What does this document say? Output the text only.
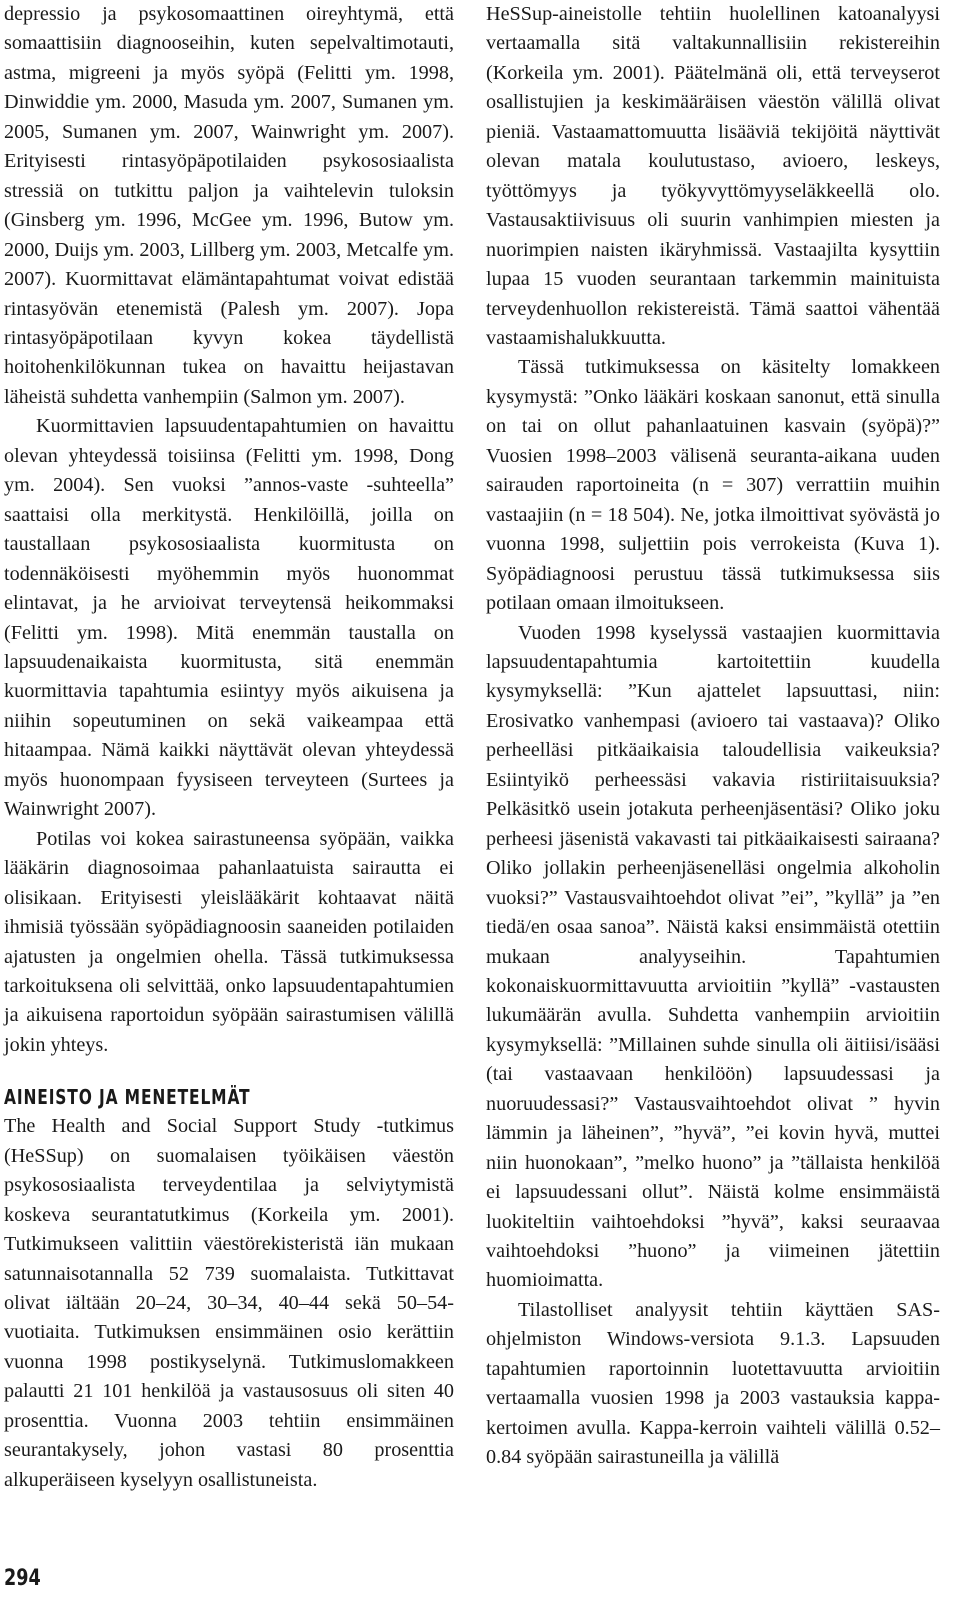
depressio ja psykosomaattinen oireyhtymä, että somaattisiin diagnooseihin, kuten sepelvaltimotauti, astma, migreeni ja myös syöpä (Felitti ym. 1998, Dinwiddie ym. 2000, Masuda ym. 2007, Sumanen ym. 2005, Sumanen ym. 2007, Wainwright ym. 2007). Erityisesti rintasyöpäpotilaiden psykososiaalista stressiä on tutkittu paljon ja vaihtelevin tuloksin (Ginsberg ym. 1996, McGee ym. 1996, Butow ym. 2000, Duijs ym. 2003, Lillberg ym. 2003, Metcalfe ym. 2007). Kuormittavat elämäntapahtumat voivat edistää rintasyövän etenemistä (Palesh ym. 2007). Jopa rintasyöpäpotilaan kyvyn kokea täydellistä hoitohenkilökunnan tukea on havaittu heijastavan läheistä suhdetta vanhempiin (Salmon ym. 2007).

Kuormittavien lapsuudentapahtumien on havaittu olevan yhteydessä toisiinsa (Felitti ym. 1998, Dong ym. 2004). Sen vuoksi ”annos-vaste -suhteella” saattaisi olla merkitystä. Henkilöillä, joilla on taustallaan psykososiaalista kuormitusta on todennäköisesti myöhemmin myös huonommat elintavat, ja he arvioivat terveytensä heikommaksi (Felitti ym. 1998). Mitä enemmän taustalla on lapsuudenaikaista kuormitusta, sitä enemmän kuormittavia tapahtumia esiintyy myös aikuisena ja niihin sopeutuminen on sekä vaikeampaa että hitaampaa. Nämä kaikki näyttävät olevan yhteydessä myös huonompaan fyysiseen terveyteen (Surtees ja Wainwright 2007).

Potilas voi kokea sairastuneensa syöpään, vaikka lääkärin diagnosoimaa pahanlaatuista sairautta ei olisikaan. Erityisesti yleislääkärit kohtaavat näitä ihmisiä työssään syöpädiagnoosin saaneiden potilaiden ajatusten ja ongelmien ohella. Tässä tutkimuksessa tarkoituksena oli selvittää, onko lapsuudentapahtumien ja aikuisena raportoidun syöpään sairastumisen välillä jokin yhteys.

AINEISTO JA MENETELMÄT

The Health and Social Support Study -tutkimus (HeSSup) on suomalaisen työikäisen väestön psykososiaalista terveydentilaa ja selviytymistä koskeva seurantatutkimus (Korkeila ym. 2001). Tutkimukseen valittiin väestörekisteristä iän mukaan satunnaisotannalla 52 739 suomalaista. Tutkittavat olivat iältään 20–24, 30–34, 40–44 sekä 50–54-vuotiaita. Tutkimuksen ensimmäinen osio kerättiin vuonna 1998 postikyselynä. Tutkimuslomakkeen palautti 21 101 henkilöä ja vastausosuus oli siten 40 prosenttia. Vuonna 2003 tehtiin ensimmäinen seurantakysely, johon vastasi 80 prosenttia alkuperäiseen kyselyyn osallistuneista.

HeSSup-aineistolle tehtiin huolellinen katoanalyysi vertaamalla sitä valtakunnallisiin rekistereihin (Korkeila ym. 2001). Päätelmänä oli, että terveyserot osallistujien ja keskimääräisen väestön välillä olivat pieniä. Vastaamattomuutta lisääviä tekijöitä näyttivät olevan matala koulutustaso, avioero, leskeys, työttömyys ja työkyvyttömyyseläkkeellä olo. Vastausaktiivisuus oli suurin vanhimpien miesten ja nuorimpien naisten ikäryhmissä. Vastaajilta kysyttiin lupaa 15 vuoden seurantaan tarkemmin mainituista terveydenhuollon rekistereistä. Tämä saattoi vähentää vastaamishalukkuutta.

Tässä tutkimuksessa on käsitelty lomakkeen kysymystä: ”Onko lääkäri koskaan sanonut, että sinulla on tai on ollut pahanlaatuinen kasvain (syöpä)?” Vuosien 1998–2003 välisenä seuranta-aikana uuden sairauden raportoineita (n = 307) verrattiin muihin vastaajiin (n = 18 504). Ne, jotka ilmoittivat syövästä jo vuonna 1998, suljettiin pois verrokeista (Kuva 1). Syöpädiagnoosi perustuu tässä tutkimuksessa siis potilaan omaan ilmoitukseen.

Vuoden 1998 kyselyssä vastaajien kuormittavia lapsuudentapahtumia kartoitettiin kuudella kysymyksellä: ”Kun ajattelet lapsuuttasi, niin: Erosivatko vanhempasi (avioero tai vastaava)? Oliko perheelläsi pitkäaikaisia taloudellisia vaikeuksia? Esiintyikö perheessäsi vakavia ristiriitaisuuksia? Pelkäsitkö usein jotakuta perheenjäsentäsi? Oliko joku perheesi jäsenistä vakavasti tai pitkäaikaisesti sairaana? Oliko jollakin perheenjäsenelläsi ongelmia alkoholin vuoksi?” Vastausvaihtoehdot olivat ”ei”, ”kyllä” ja ”en tiedä/en osaa sanoa”. Näistä kaksi ensimmäistä otettiin mukaan analyyseihin. Tapahtumien kokonaiskuormittavuutta arvioitiin ”kyllä” -vastausten lukumäärän avulla. Suhdetta vanhempiin arvioitiin kysymyksellä: ”Millainen suhde sinulla oli äitiisi/isääsi (tai vastaavaan henkilöön) lapsuudessasi ja nuoruudessasi?” Vastausvaihtoehdot olivat ” hyvin lämmin ja läheinen”, ”hyvä”, ”ei kovin hyvä, muttei niin huonokaan”, ”melko huono” ja ”tällaista henkilöä ei lapsuudessani ollut”. Näistä kolme ensimmäistä luokiteltiin vaihtoehdoksi ”hyvä”, kaksi seuraavaa vaihtoehdoksi ”huono” ja viimeinen jätettiin huomioimatta.

Tilastolliset analyysit tehtiin käyttäen SAS-ohjelmiston Windows-versiota 9.1.3. Lapsuuden tapahtumien raportoinnin luotettavuutta arvioitiin vertaamalla vuosien 1998 ja 2003 vastauksia kappa-kertoimen avulla. Kappa-kerroin vaihteli välillä 0.52–0.84 syöpään sairastuneilla ja välillä

294
